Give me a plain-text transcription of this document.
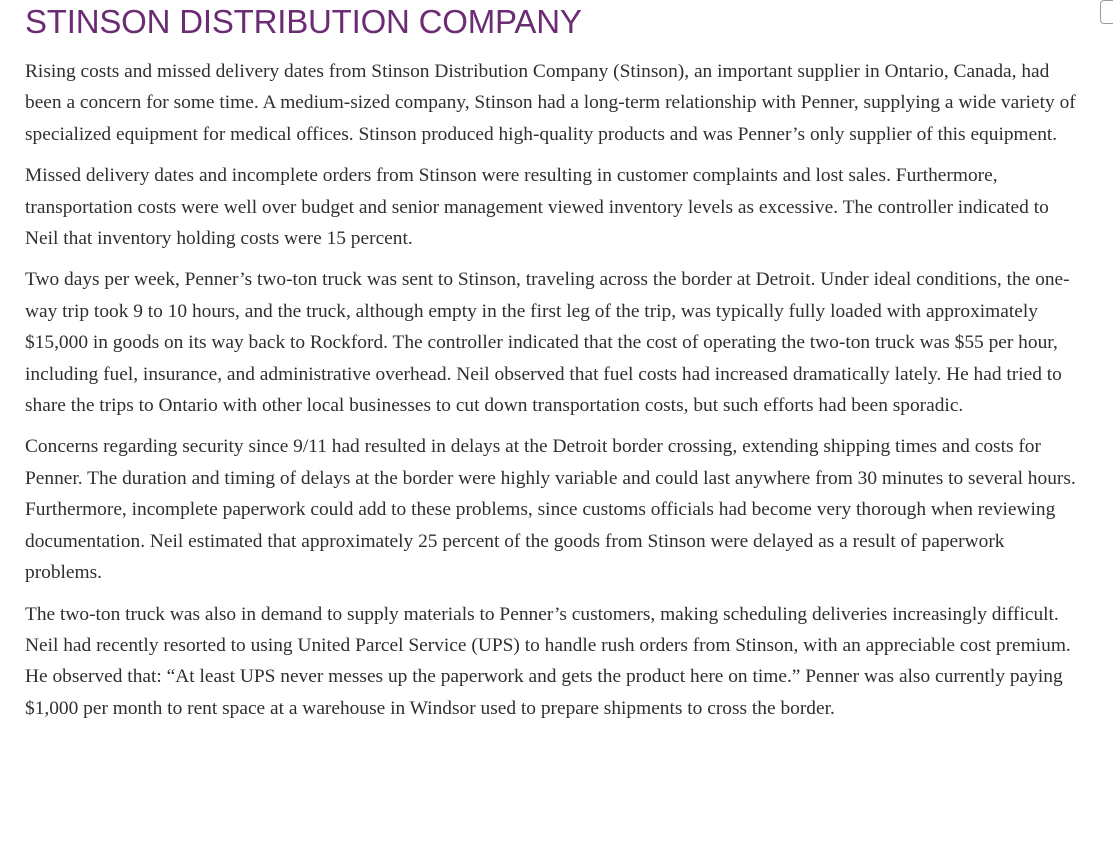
STINSON DISTRIBUTION COMPANY

Rising costs and missed delivery dates from Stinson Distribution Company (Stinson), an important supplier in Ontario, Canada, had been a concern for some time. A medium-sized company, Stinson had a long-term relationship with Penner, supplying a wide variety of specialized equipment for medical offices. Stinson produced high-quality products and was Penner’s only supplier of this equipment.

Missed delivery dates and incomplete orders from Stinson were resulting in customer complaints and lost sales. Furthermore, transportation costs were well over budget and senior management viewed inventory levels as excessive. The controller indicated to Neil that inventory holding costs were 15 percent.

Two days per week, Penner’s two-ton truck was sent to Stinson, traveling across the border at Detroit. Under ideal conditions, the one-way trip took 9 to 10 hours, and the truck, although empty in the first leg of the trip, was typically fully loaded with approximately $15,000 in goods on its way back to Rockford. The controller indicated that the cost of operating the two-ton truck was $55 per hour, including fuel, insurance, and administrative overhead. Neil observed that fuel costs had increased dramatically lately. He had tried to share the trips to Ontario with other local businesses to cut down transportation costs, but such efforts had been sporadic.

Concerns regarding security since 9/11 had resulted in delays at the Detroit border crossing, extending shipping times and costs for Penner. The duration and timing of delays at the border were highly variable and could last anywhere from 30 minutes to several hours. Furthermore, incomplete paperwork could add to these problems, since customs officials had become very thorough when reviewing documentation. Neil estimated that approximately 25 percent of the goods from Stinson were delayed as a result of paperwork problems.

The two-ton truck was also in demand to supply materials to Penner’s customers, making scheduling deliveries increasingly difficult. Neil had recently resorted to using United Parcel Service (UPS) to handle rush orders from Stinson, with an appreciable cost premium. He observed that: “At least UPS never messes up the paperwork and gets the product here on time.” Penner was also currently paying $1,000 per month to rent space at a warehouse in Windsor used to prepare shipments to cross the border.
